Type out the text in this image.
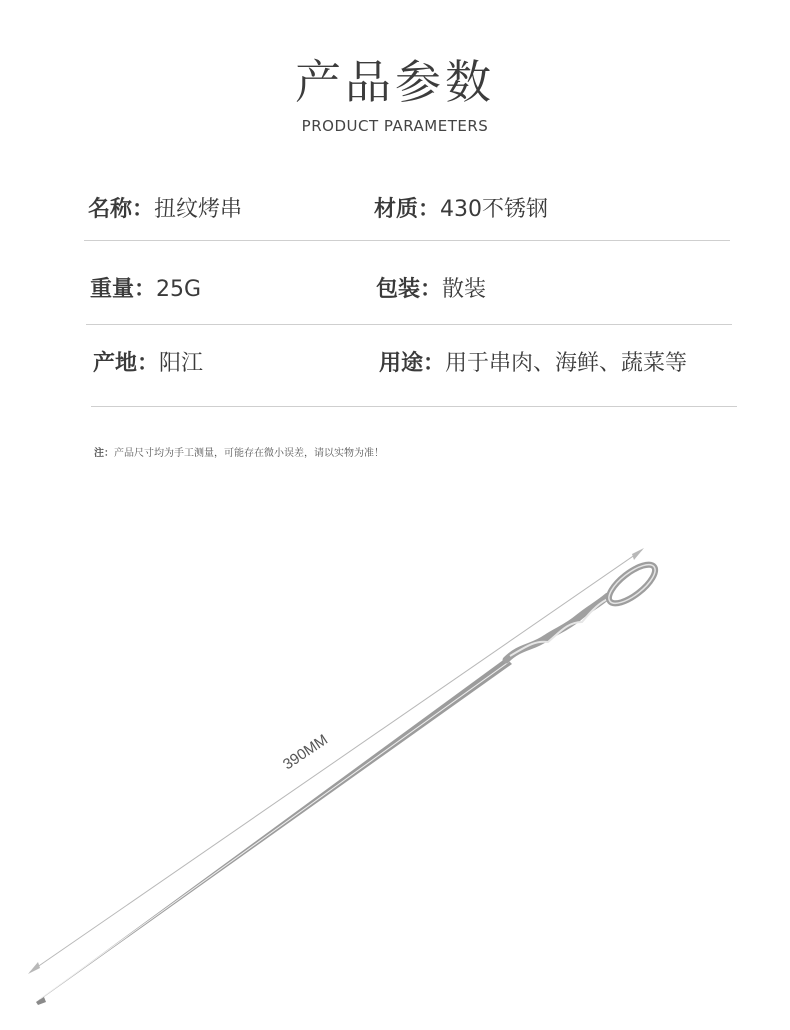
产品参数
PRODUCT PARAMETERS
名称：扭纹烤串	材质：430不锈钢
重量：25G	包装：散装
产地：阳江	用途：用于串肉、海鲜、蔬菜等
注：产品尺寸均为手工测量，可能存在微小误差，请以实物为准！
390MM
